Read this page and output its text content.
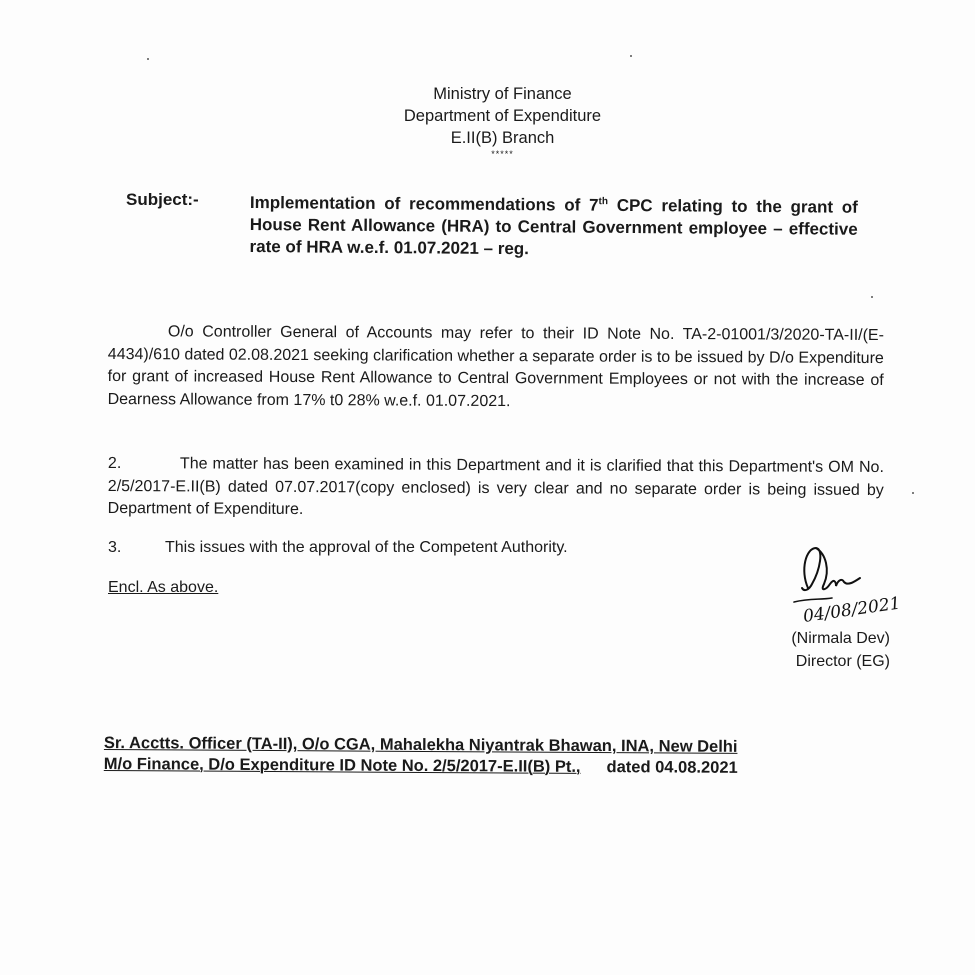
Ministry of Finance
Department of Expenditure
E.II(B) Branch
*****
Subject:-	Implementation of recommendations of 7th CPC relating to the grant of House Rent Allowance (HRA) to Central Government employee – effective rate of HRA w.e.f. 01.07.2021 – reg.
O/o Controller General of Accounts may refer to their ID Note No. TA-2-01001/3/2020-TA-II/(E-4434)/610 dated 02.08.2021 seeking clarification whether a separate order is to be issued by D/o Expenditure for grant of increased House Rent Allowance to Central Government Employees or not with the increase of Dearness Allowance from 17% t0 28% w.e.f. 01.07.2021.
2.	The matter has been examined in this Department and it is clarified that this Department's OM No. 2/5/2017-E.II(B) dated 07.07.2017(copy enclosed) is very clear and no separate order is being issued by Department of Expenditure.
3.	This issues with the approval of the Competent Authority.
Encl. As above.
04/08/2021
(Nirmala Dev)
Director (EG)
Sr. Acctts. Officer (TA-II), O/o CGA, Mahalekha Niyantrak Bhawan, INA, New Delhi
M/o Finance, D/o Expenditure ID Note No. 2/5/2017-E.II(B) Pt., dated 04.08.2021
